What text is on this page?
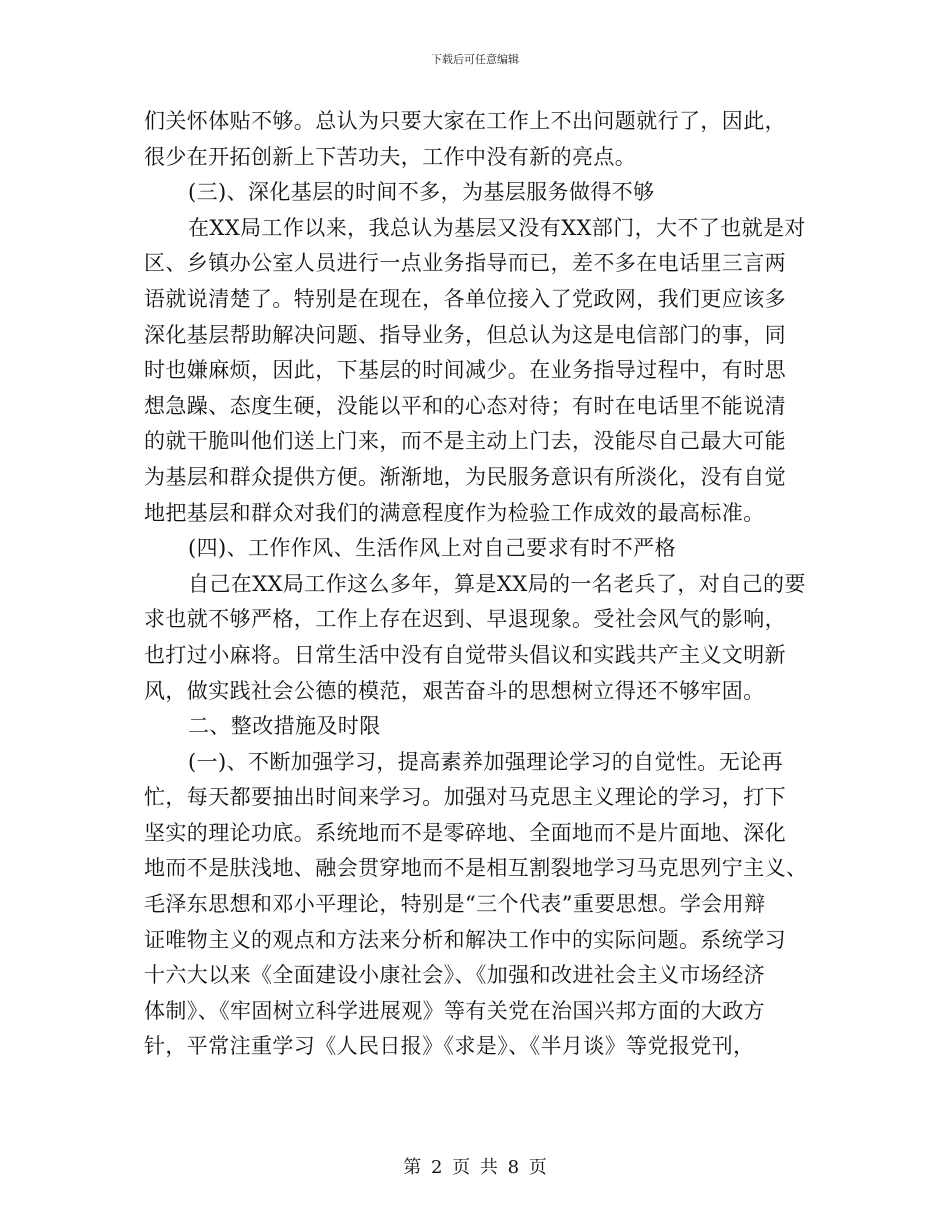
下载后可任意编辑
们关怀体贴不够。总认为只要大家在工作上不出问题就行了，因此，
很少在开拓创新上下苦功夫，工作中没有新的亮点。
(三)、深化基层的时间不多，为基层服务做得不够
在XX局工作以来，我总认为基层又没有XX部门，大不了也就是对
区、乡镇办公室人员进行一点业务指导而已，差不多在电话里三言两
语就说清楚了。特别是在现在，各单位接入了党政网，我们更应该多
深化基层帮助解决问题、指导业务，但总认为这是电信部门的事，同
时也嫌麻烦，因此，下基层的时间减少。在业务指导过程中，有时思
想急躁、态度生硬，没能以平和的心态对待；有时在电话里不能说清
的就干脆叫他们送上门来，而不是主动上门去，没能尽自己最大可能
为基层和群众提供方便。渐渐地，为民服务意识有所淡化，没有自觉
地把基层和群众对我们的满意程度作为检验工作成效的最高标准。
(四)、工作作风、生活作风上对自己要求有时不严格
自己在XX局工作这么多年，算是XX局的一名老兵了，对自己的要
求也就不够严格，工作上存在迟到、早退现象。受社会风气的影响，
也打过小麻将。日常生活中没有自觉带头倡议和实践共产主义文明新
风，做实践社会公德的模范，艰苦奋斗的思想树立得还不够牢固。
二、整改措施及时限
(一)、不断加强学习，提高素养加强理论学习的自觉性。无论再
忙，每天都要抽出时间来学习。加强对马克思主义理论的学习，打下
坚实的理论功底。系统地而不是零碎地、全面地而不是片面地、深化
地而不是肤浅地、融会贯穿地而不是相互割裂地学习马克思列宁主义、
毛泽东思想和邓小平理论，特别是“三个代表”重要思想。学会用辩
证唯物主义的观点和方法来分析和解决工作中的实际问题。系统学习
十六大以来《全面建设小康社会》、《加强和改进社会主义市场经济
体制》、《牢固树立科学进展观》等有关党在治国兴邦方面的大政方
针，平常注重学习《人民日报》《求是》、《半月谈》等党报党刊，
第 2 页 共 8 页
